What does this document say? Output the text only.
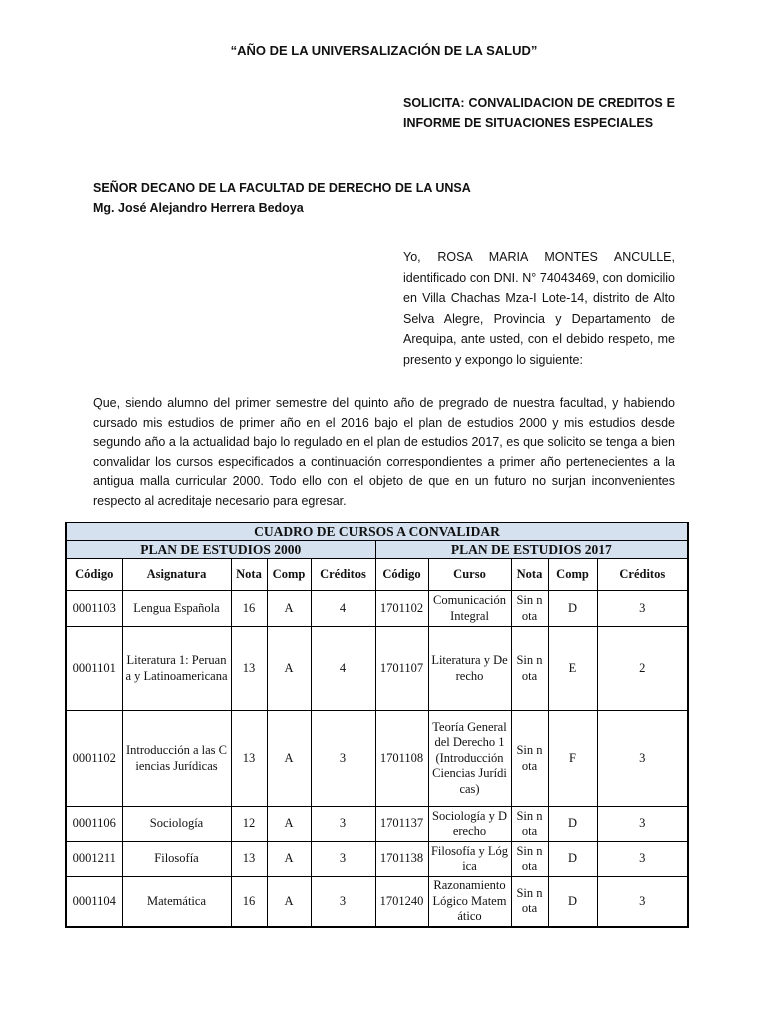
“AÑO DE LA UNIVERSALIZACIÓN DE LA SALUD”
SOLICITA: CONVALIDACION DE CREDITOS E
INFORME DE SITUACIONES ESPECIALES
SEÑOR DECANO DE LA FACULTAD DE DERECHO DE LA UNSA
Mg. José Alejandro Herrera Bedoya
Yo, ROSA MARIA MONTES ANCULLE, identificado con DNI. N° 74043469, con domicilio en Villa Chachas Mza-I Lote-14, distrito de Alto Selva Alegre, Provincia y Departamento de Arequipa, ante usted, con el debido respeto, me presento y expongo lo siguiente:
Que, siendo alumno del primer semestre del quinto año de pregrado de nuestra facultad, y habiendo cursado mis estudios de primer año en el 2016 bajo el plan de estudios 2000 y mis estudios desde segundo año a la actualidad bajo lo regulado en el plan de estudios 2017, es que solicito se tenga a bien convalidar los cursos especificados a continuación correspondientes a primer año pertenecientes a la antigua malla curricular 2000. Todo ello con el objeto de que en un futuro no surjan inconvenientes respecto al acreditaje necesario para egresar.
CUADRO DE CURSOS A CONVALIDAR									
PLAN DE ESTUDIOS 2000					PLAN DE ESTUDIOS 2017				
Código	Asignatura	Nota	Comp	Créditos	Código	Curso	Nota	Comp	Créditos
0001103	Lengua Española	16	A	4	1701102	Comunicación Integral	Sin nota	D	3
0001101	Literatura 1: Peruana y Latinoamericana	13	A	4	1701107	Literatura y Derecho	Sin nota	E	2
0001102	Introducción a las Ciencias Jurídicas	13	A	3	1701108	Teoría General del Derecho 1 (Introducción Ciencias Jurídicas)	Sin nota	F	3
0001106	Sociología	12	A	3	1701137	Sociología y Derecho	Sin nota	D	3
0001211	Filosofía	13	A	3	1701138	Filosofía y Lógica	Sin nota	D	3
0001104	Matemática	16	A	3	1701240	Razonamiento Lógico Matemático	Sin nota	D	3
